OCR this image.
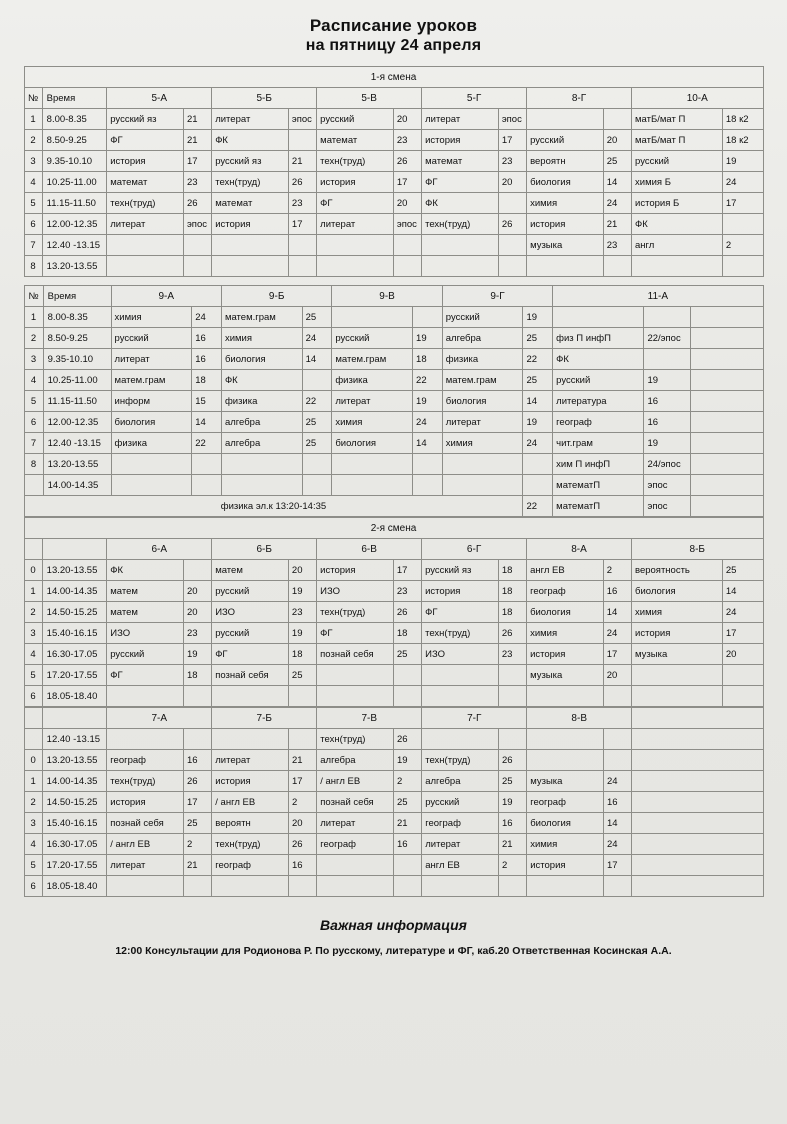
Расписание уроков
на пятницу 24 апреля
1-я смена													
№	Время	5-А		5-Б		5-В		5-Г		8-Г		10-А	
1	8.00-8.35	русский яз	21	литерат	эпос	русский	20	литерат	эпос			матБ/мат П	18 к2
2	8.50-9.25	ФГ	21	ФК		математ	23	история	17	русский	20	матБ/мат П	18 к2
3	9.35-10.10	история	17	русский яз	21	техн(труд)	26	математ	23	вероятн	25	русский	19
4	10.25-11.00	математ	23	техн(труд)	26	история	17	ФГ	20	биология	14	химия Б	24
5	11.15-11.50	техн(труд)	26	математ	23	ФГ	20	ФК		химия	24	история Б	17
6	12.00-12.35	литерат	эпос	история	17	литерат	эпос	техн(труд)	26	история	21	ФК	
7	12.40 -13.15									музыка	23	англ	2
8	13.20-13.55												
№	Время	9-А		9-Б		9-В		9-Г		11-А		
1	8.00-8.35	химия	24	матем.грам	25			русский	19			
2	8.50-9.25	русский	16	химия	24	русский	19	алгебра	25	физ П инфП	22/эпос	
3	9.35-10.10	литерат	16	биология	14	матем.грам	18	физика	22	ФК		
4	10.25-11.00	матем.грам	18	ФК		физика	22	матем.грам	25	русский	19	
5	11.15-11.50	информ	15	физика	22	литерат	19	биология	14	литература	16	
6	12.00-12.35	биология	14	алгебра	25	химия	24	литерат	19	географ	16	
7	12.40 -13.15	физика	22	алгебра	25	биология	14	химия	24	чит.грам	19	
8	13.20-13.55									хим П инфП	24/эпос	
	14.00-14.35									математП	эпос	
физика эл.к 13:20-14:35									22	математП	эпос	
2-я смена													
		6-А		6-Б		6-В		6-Г		8-А		8-Б	
0	13.20-13.55	ФК		матем	20	история	17	русский яз	18	англ ЕВ	2	вероятность	25
1	14.00-14.35	матем	20	русский	19	ИЗО	23	история	18	географ	16	биология	14
2	14.50-15.25	матем	20	ИЗО	23	техн(труд)	26	ФГ	18	биология	14	химия	24
3	15.40-16.15	ИЗО	23	русский	19	ФГ	18	техн(труд)	26	химия	24	история	17
4	16.30-17.05	русский	19	ФГ	18	познай себя	25	ИЗО	23	история	17	музыка	20
5	17.20-17.55	ФГ	18	познай себя	25					музыка	20		
6	18.05-18.40												
		7-А		7-Б		7-В		7-Г		8-В		
	12.40 -13.15					техн(труд)	26					
0	13.20-13.55	географ	16	литерат	21	алгебра	19	техн(труд)	26			
1	14.00-14.35	техн(труд)	26	история	17	/ англ ЕВ	2	алгебра	25	музыка	24	
2	14.50-15.25	история	17	/ англ ЕВ	2	познай себя	25	русский	19	географ	16	
3	15.40-16.15	познай себя	25	вероятн	20	литерат	21	географ	16	биология	14	
4	16.30-17.05	/ англ ЕВ	2	техн(труд)	26	географ	16	литерат	21	химия	24	
5	17.20-17.55	литерат	21	географ	16			англ ЕВ	2	история	17	
6	18.05-18.40											
Важная информация
12:00 Консультации для Родионова Р. По русскому, литературе и ФГ, каб.20 Ответственная Косинская А.А.
